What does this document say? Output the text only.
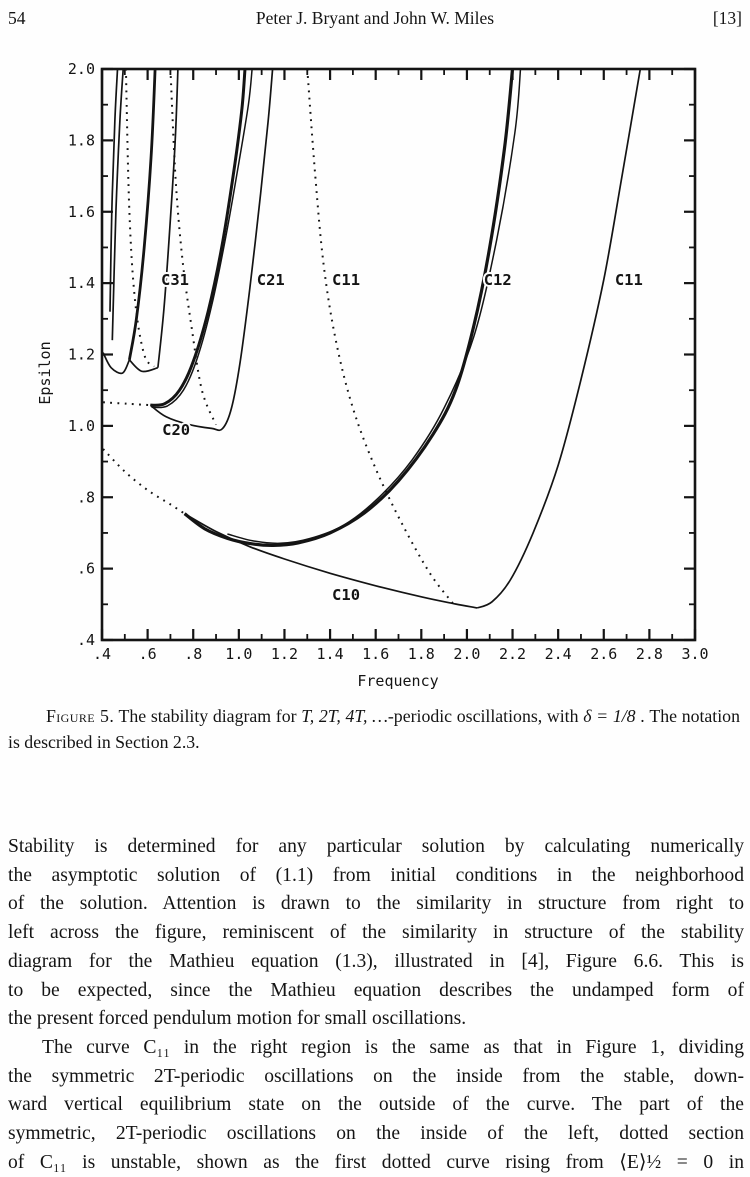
54	Peter J. Bryant and John W. Miles	[13]
.4 .6 .8 1.0 1.2 1.4 1.6 1.8 2.0 2.2 2.4 2.6 2.8 3.0
2.0
1.8
1.6
1.4
1.2
1.0
.8
.6
.4
C31	C21	C11	C12	C11
C20
C10
Frequency
Epsilon
Figure 5. The stability diagram for T, 2T, 4T, …-periodic oscillations, with δ = 1/8 . The notation is described in Section 2.3.
Stability is determined for any particular solution by calculating numerically
the asymptotic solution of (1.1) from initial conditions in the neighborhood
of the solution. Attention is drawn to the similarity in structure from right to
left across the figure, reminiscent of the similarity in structure of the stability
diagram for the Mathieu equation (1.3), illustrated in [4], Figure 6.6. This is
to be expected, since the Mathieu equation describes the undamped form of
the present forced pendulum motion for small oscillations.
The curve C₁₁ in the right region is the same as that in Figure 1, dividing
the symmetric 2T-periodic oscillations on the inside from the stable, down-
ward vertical equilibrium state on the outside of the curve. The part of the
symmetric, 2T-periodic oscillations on the inside of the left, dotted section
of C₁₁ is unstable, shown as the first dotted curve rising from ⟨E⟩½ = 0 in
